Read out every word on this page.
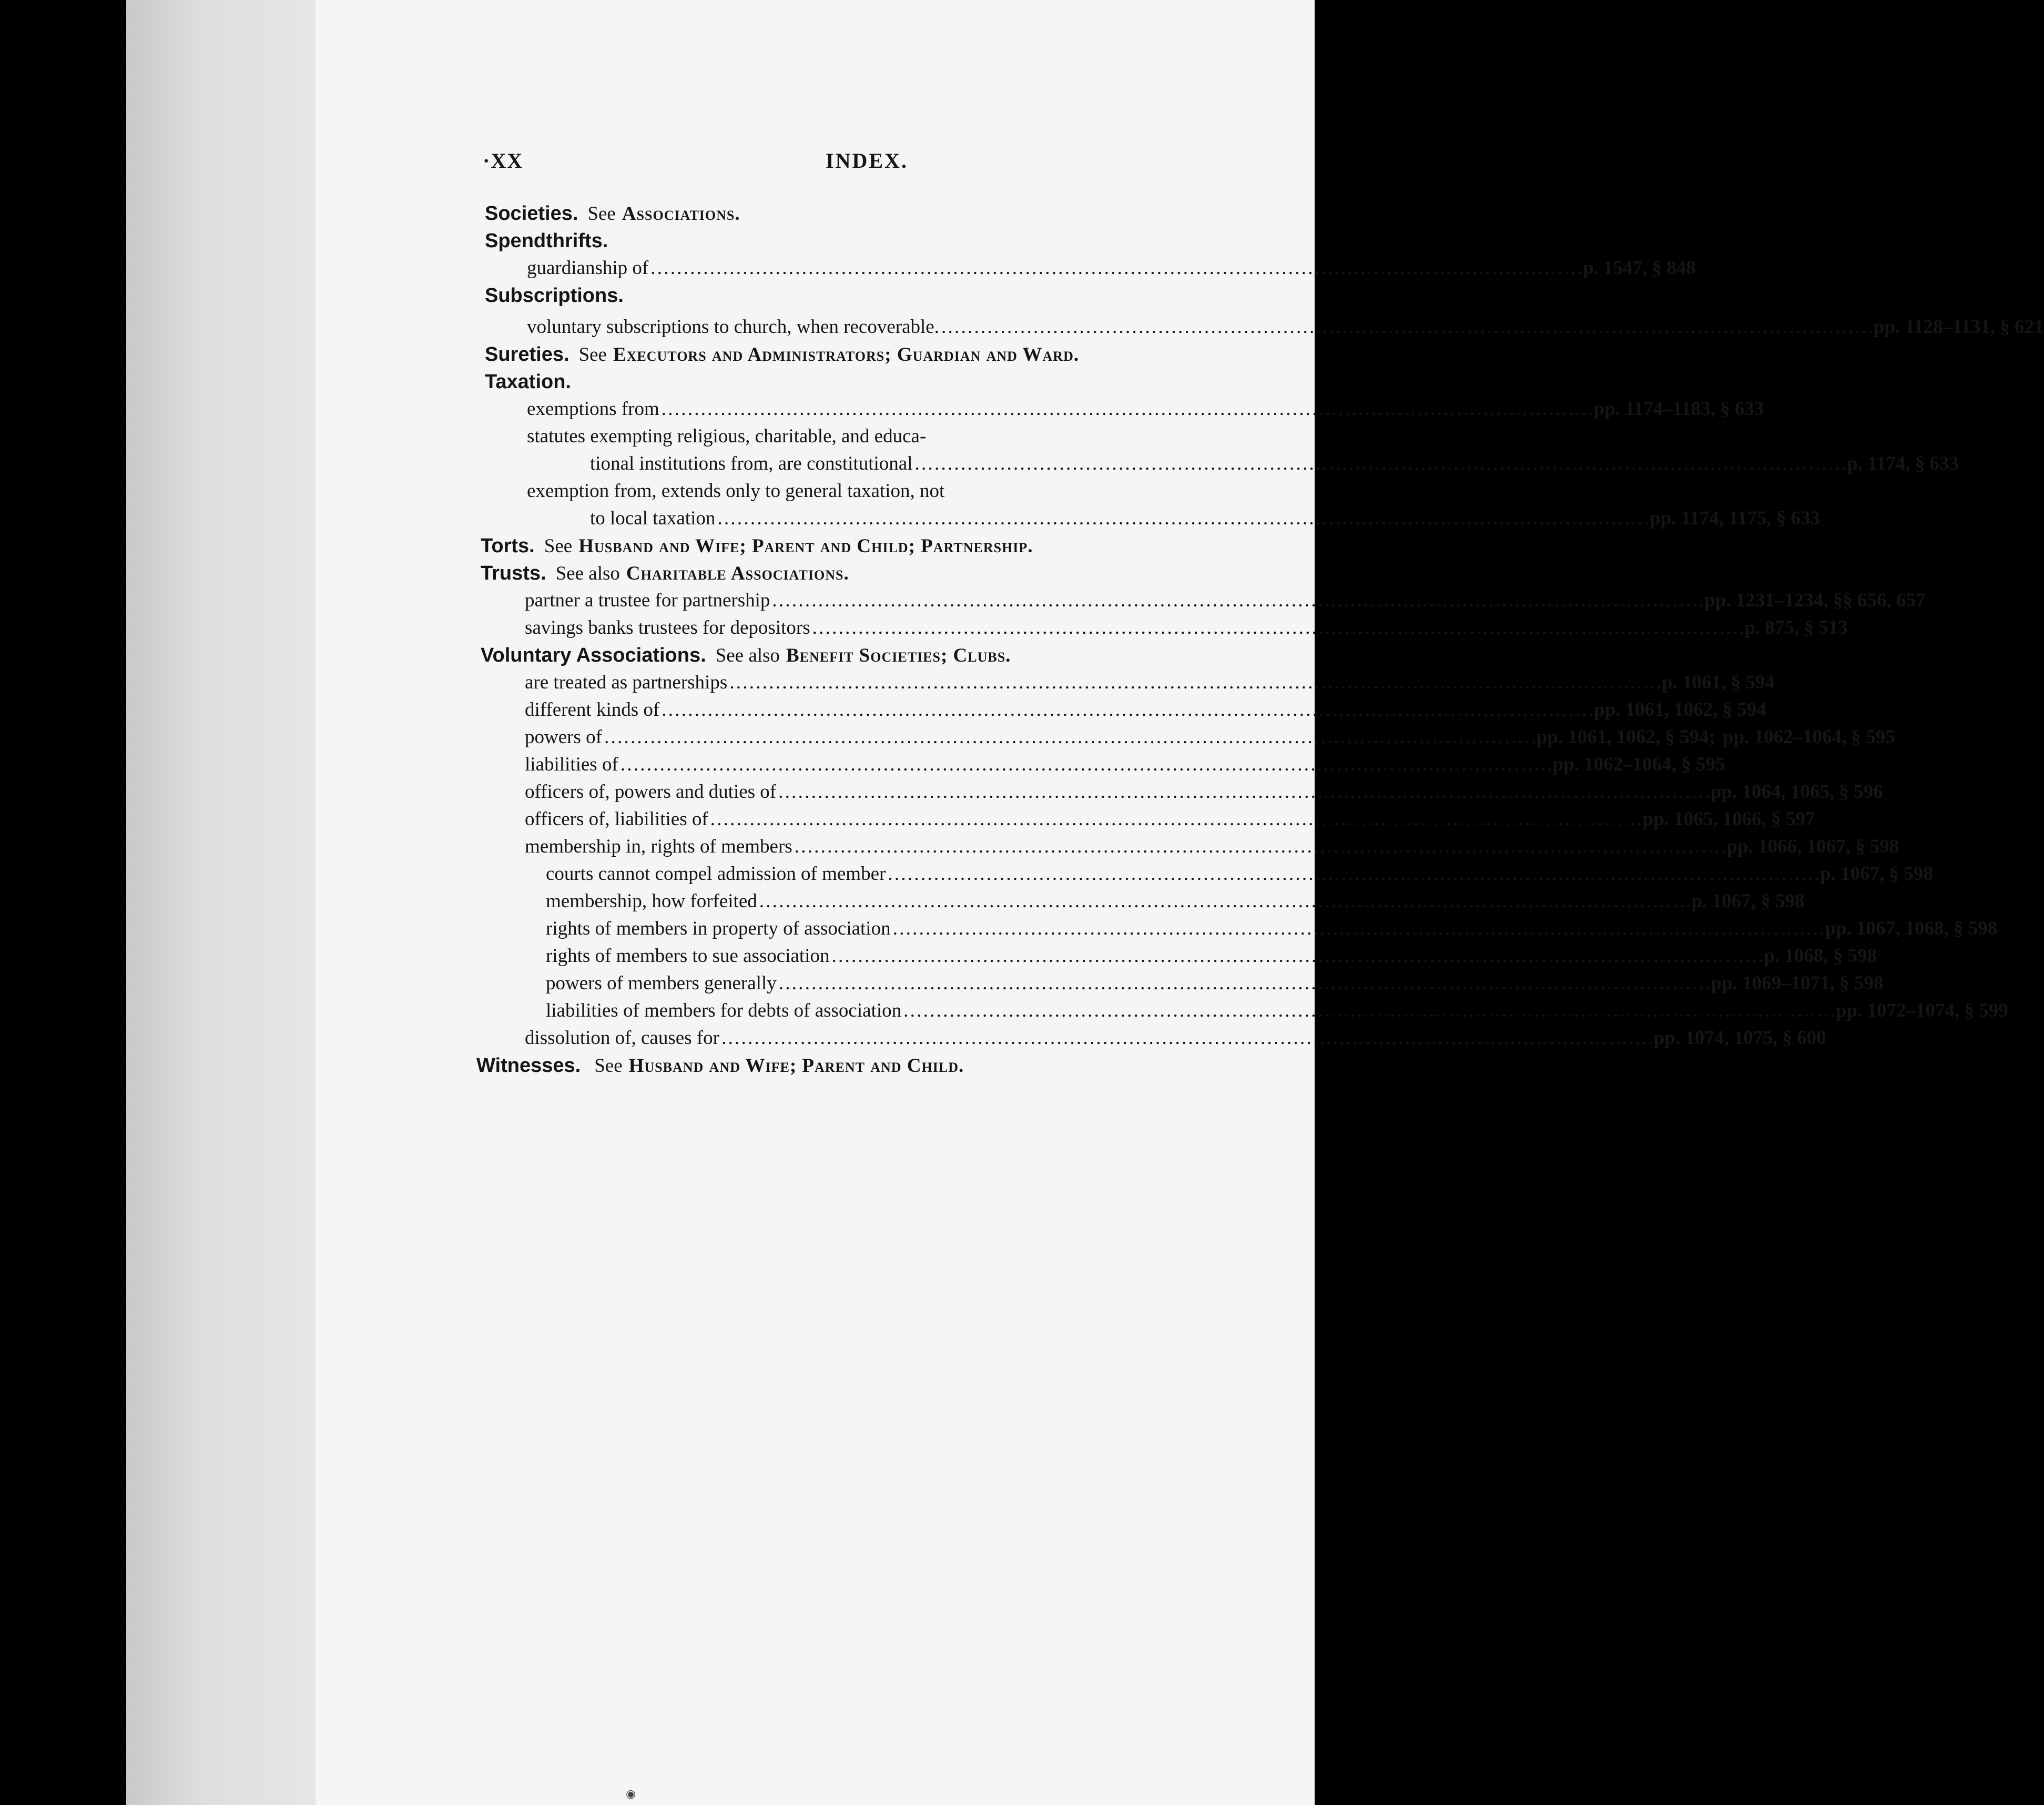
·XX	INDEX.
Societies. See Associations.
Spendthrifts.
guardianship of . . .	p. 1547, § 848
Subscriptions.
voluntary subscriptions to church, when recoverable. . . .	pp. 1128–1131, § 621
Sureties. See Executors and Administrators; Guardian and Ward.
Taxation.
exemptions from . . .	pp. 1174–1183, § 633
statutes exempting religious, charitable, and educa-
tional institutions from, are constitutional . . .	p. 1174, § 633
exemption from, extends only to general taxation, not
to local taxation . . .	pp. 1174, 1175, § 633
Torts. See Husband and Wife; Parent and Child; Partnership.
Trusts. See also Charitable Associations.
partner a trustee for partnership . . .	pp. 1231–1234, §§ 656, 657
savings banks trustees for depositors . . .	p. 875, § 513
Voluntary Associations. See also Benefit Societies; Clubs.
are treated as partnerships . . .	p. 1061, § 594
different kinds of . . .	pp. 1061, 1062, § 594
powers of . . .	pp. 1061, 1062, § 594; pp. 1062–1064, § 595
liabilities of . . .	pp. 1062–1064, § 595
officers of, powers and duties of . . .	pp. 1064, 1065, § 596
officers of, liabilities of . . .	pp. 1065, 1066, § 597
membership in, rights of members . . .	pp. 1066, 1067, § 598
courts cannot compel admission of member . . .	p. 1067, § 598
membership, how forfeited . . .	p. 1067, § 598
rights of members in property of association . . .	pp. 1067, 1068, § 598
rights of members to sue association . . .	p. 1068, § 598
powers of members generally . . .	pp. 1069–1071, § 598
liabilities of members for debts of association . . .	pp. 1072–1074, § 599
dissolution of, causes for . . .	pp. 1074, 1075, § 600
Witnesses. See Husband and Wife; Parent and Child.
◉
